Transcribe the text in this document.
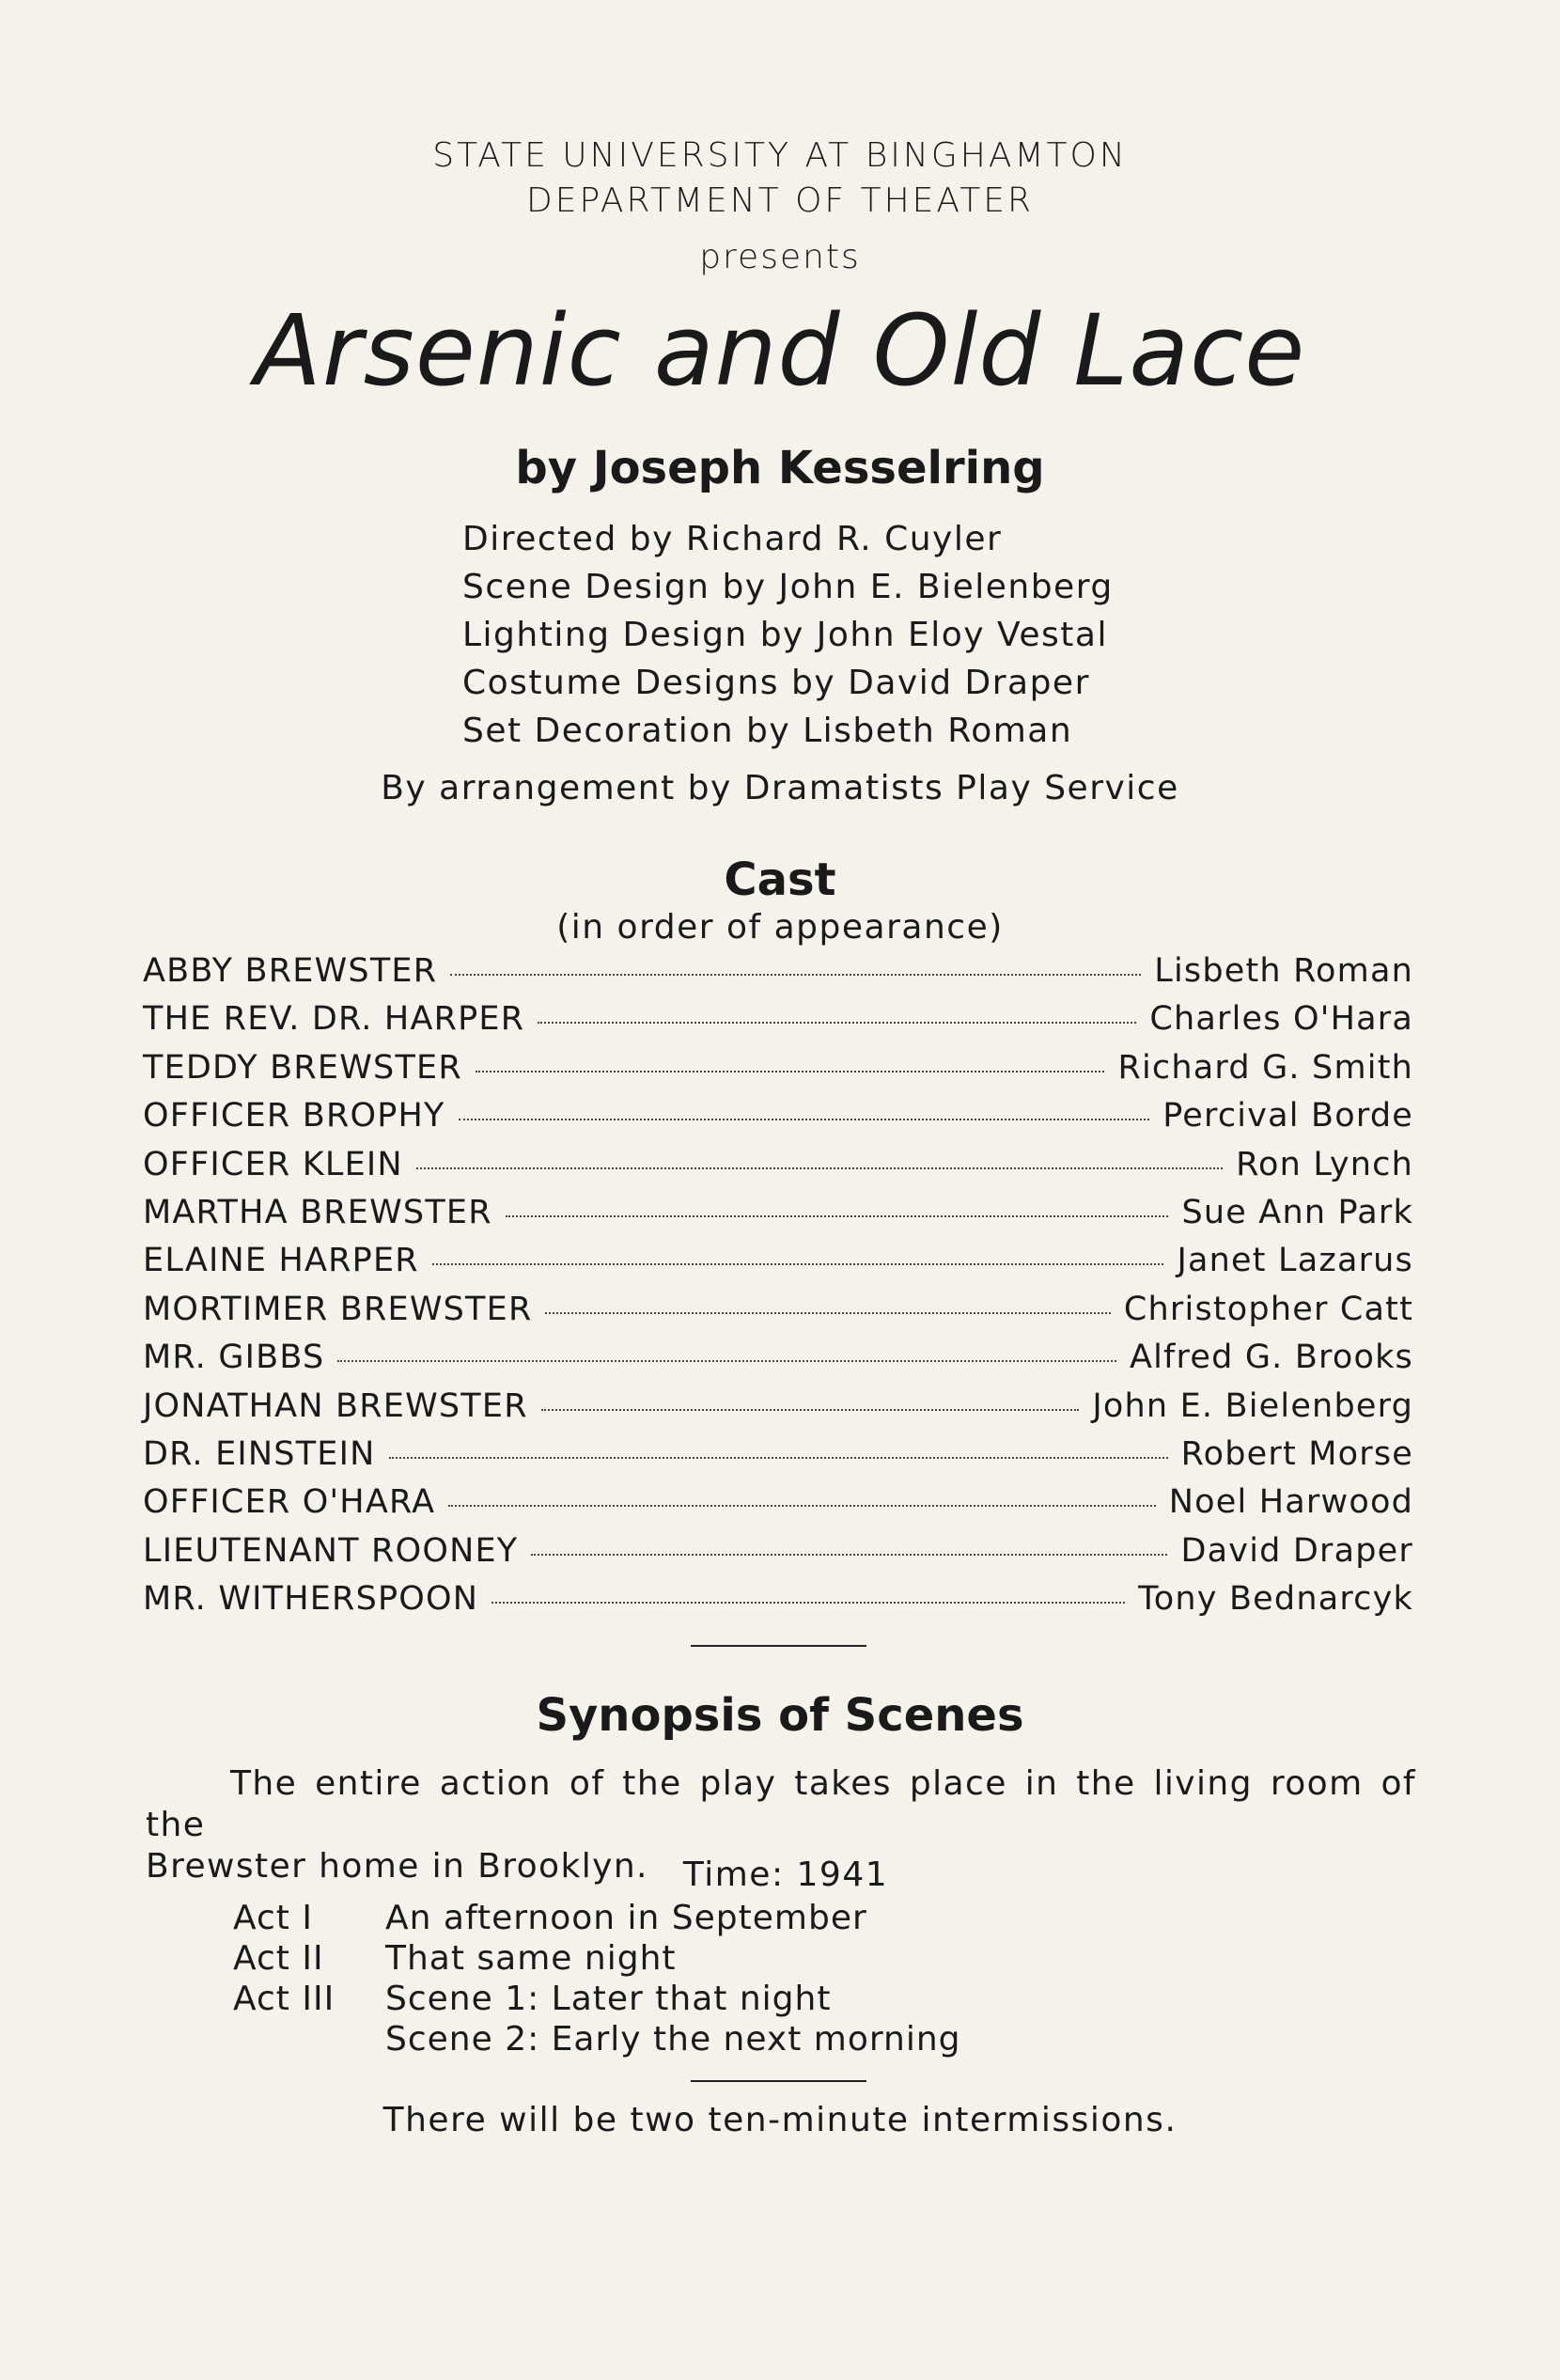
STATE UNIVERSITY AT BINGHAMTON
DEPARTMENT OF THEATER
presents
Arsenic and Old Lace
by Joseph Kesselring
Directed by Richard R. Cuyler
Scene Design by John E. Bielenberg
Lighting Design by John Eloy Vestal
Costume Designs by David Draper
Set Decoration by Lisbeth Roman
By arrangement by Dramatists Play Service
Cast
(in order of appearance)
ABBY BREWSTER	Lisbeth Roman
THE REV. DR. HARPER	Charles O'Hara
TEDDY BREWSTER	Richard G. Smith
OFFICER BROPHY	Percival Borde
OFFICER KLEIN	Ron Lynch
MARTHA BREWSTER	Sue Ann Park
ELAINE HARPER	Janet Lazarus
MORTIMER BREWSTER	Christopher Catt
MR. GIBBS	Alfred G. Brooks
JONATHAN BREWSTER	John E. Bielenberg
DR. EINSTEIN	Robert Morse
OFFICER O'HARA	Noel Harwood
LIEUTENANT ROONEY	David Draper
MR. WITHERSPOON	Tony Bednarcyk
Synopsis of Scenes
The entire action of the play takes place in the living room of the
Brewster home in Brooklyn.	Time: 1941
Act I	An afternoon in September
Act II	That same night
Act III	Scene 1: Later that night
Scene 2: Early the next morning
There will be two ten-minute intermissions.
